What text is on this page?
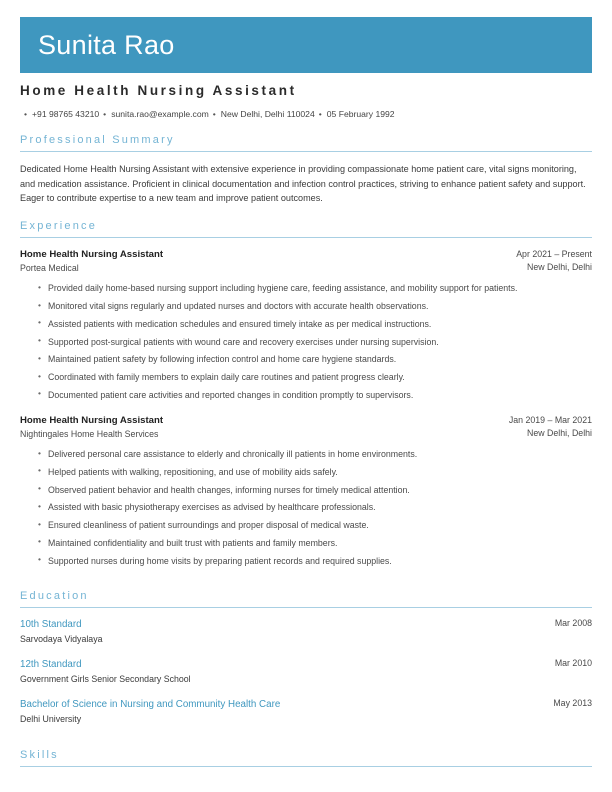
Sunita Rao
Home Health Nursing Assistant
• +91 98765 43210 • sunita.rao@example.com • New Delhi, Delhi 110024 • 05 February 1992
Professional Summary
Dedicated Home Health Nursing Assistant with extensive experience in providing compassionate home patient care, vital signs monitoring, and medication assistance. Proficient in clinical documentation and infection control practices, striving to enhance patient safety and support. Eager to contribute expertise to a new team and improve patient outcomes.
Experience
Home Health Nursing Assistant
Portea Medical
Apr 2021 – Present
New Delhi, Delhi
• Provided daily home-based nursing support including hygiene care, feeding assistance, and mobility support for patients.
• Monitored vital signs regularly and updated nurses and doctors with accurate health observations.
• Assisted patients with medication schedules and ensured timely intake as per medical instructions.
• Supported post-surgical patients with wound care and recovery exercises under nursing supervision.
• Maintained patient safety by following infection control and home care hygiene standards.
• Coordinated with family members to explain daily care routines and patient progress clearly.
• Documented patient care activities and reported changes in condition promptly to supervisors.
Home Health Nursing Assistant
Nightingales Home Health Services
Jan 2019 – Mar 2021
New Delhi, Delhi
• Delivered personal care assistance to elderly and chronically ill patients in home environments.
• Helped patients with walking, repositioning, and use of mobility aids safely.
• Observed patient behavior and health changes, informing nurses for timely medical attention.
• Assisted with basic physiotherapy exercises as advised by healthcare professionals.
• Ensured cleanliness of patient surroundings and proper disposal of medical waste.
• Maintained confidentiality and built trust with patients and family members.
• Supported nurses during home visits by preparing patient records and required supplies.
Education
10th Standard
Sarvodaya Vidyalaya
Mar 2008
12th Standard
Government Girls Senior Secondary School
Mar 2010
Bachelor of Science in Nursing and Community Health Care
Delhi University
May 2013
Skills
